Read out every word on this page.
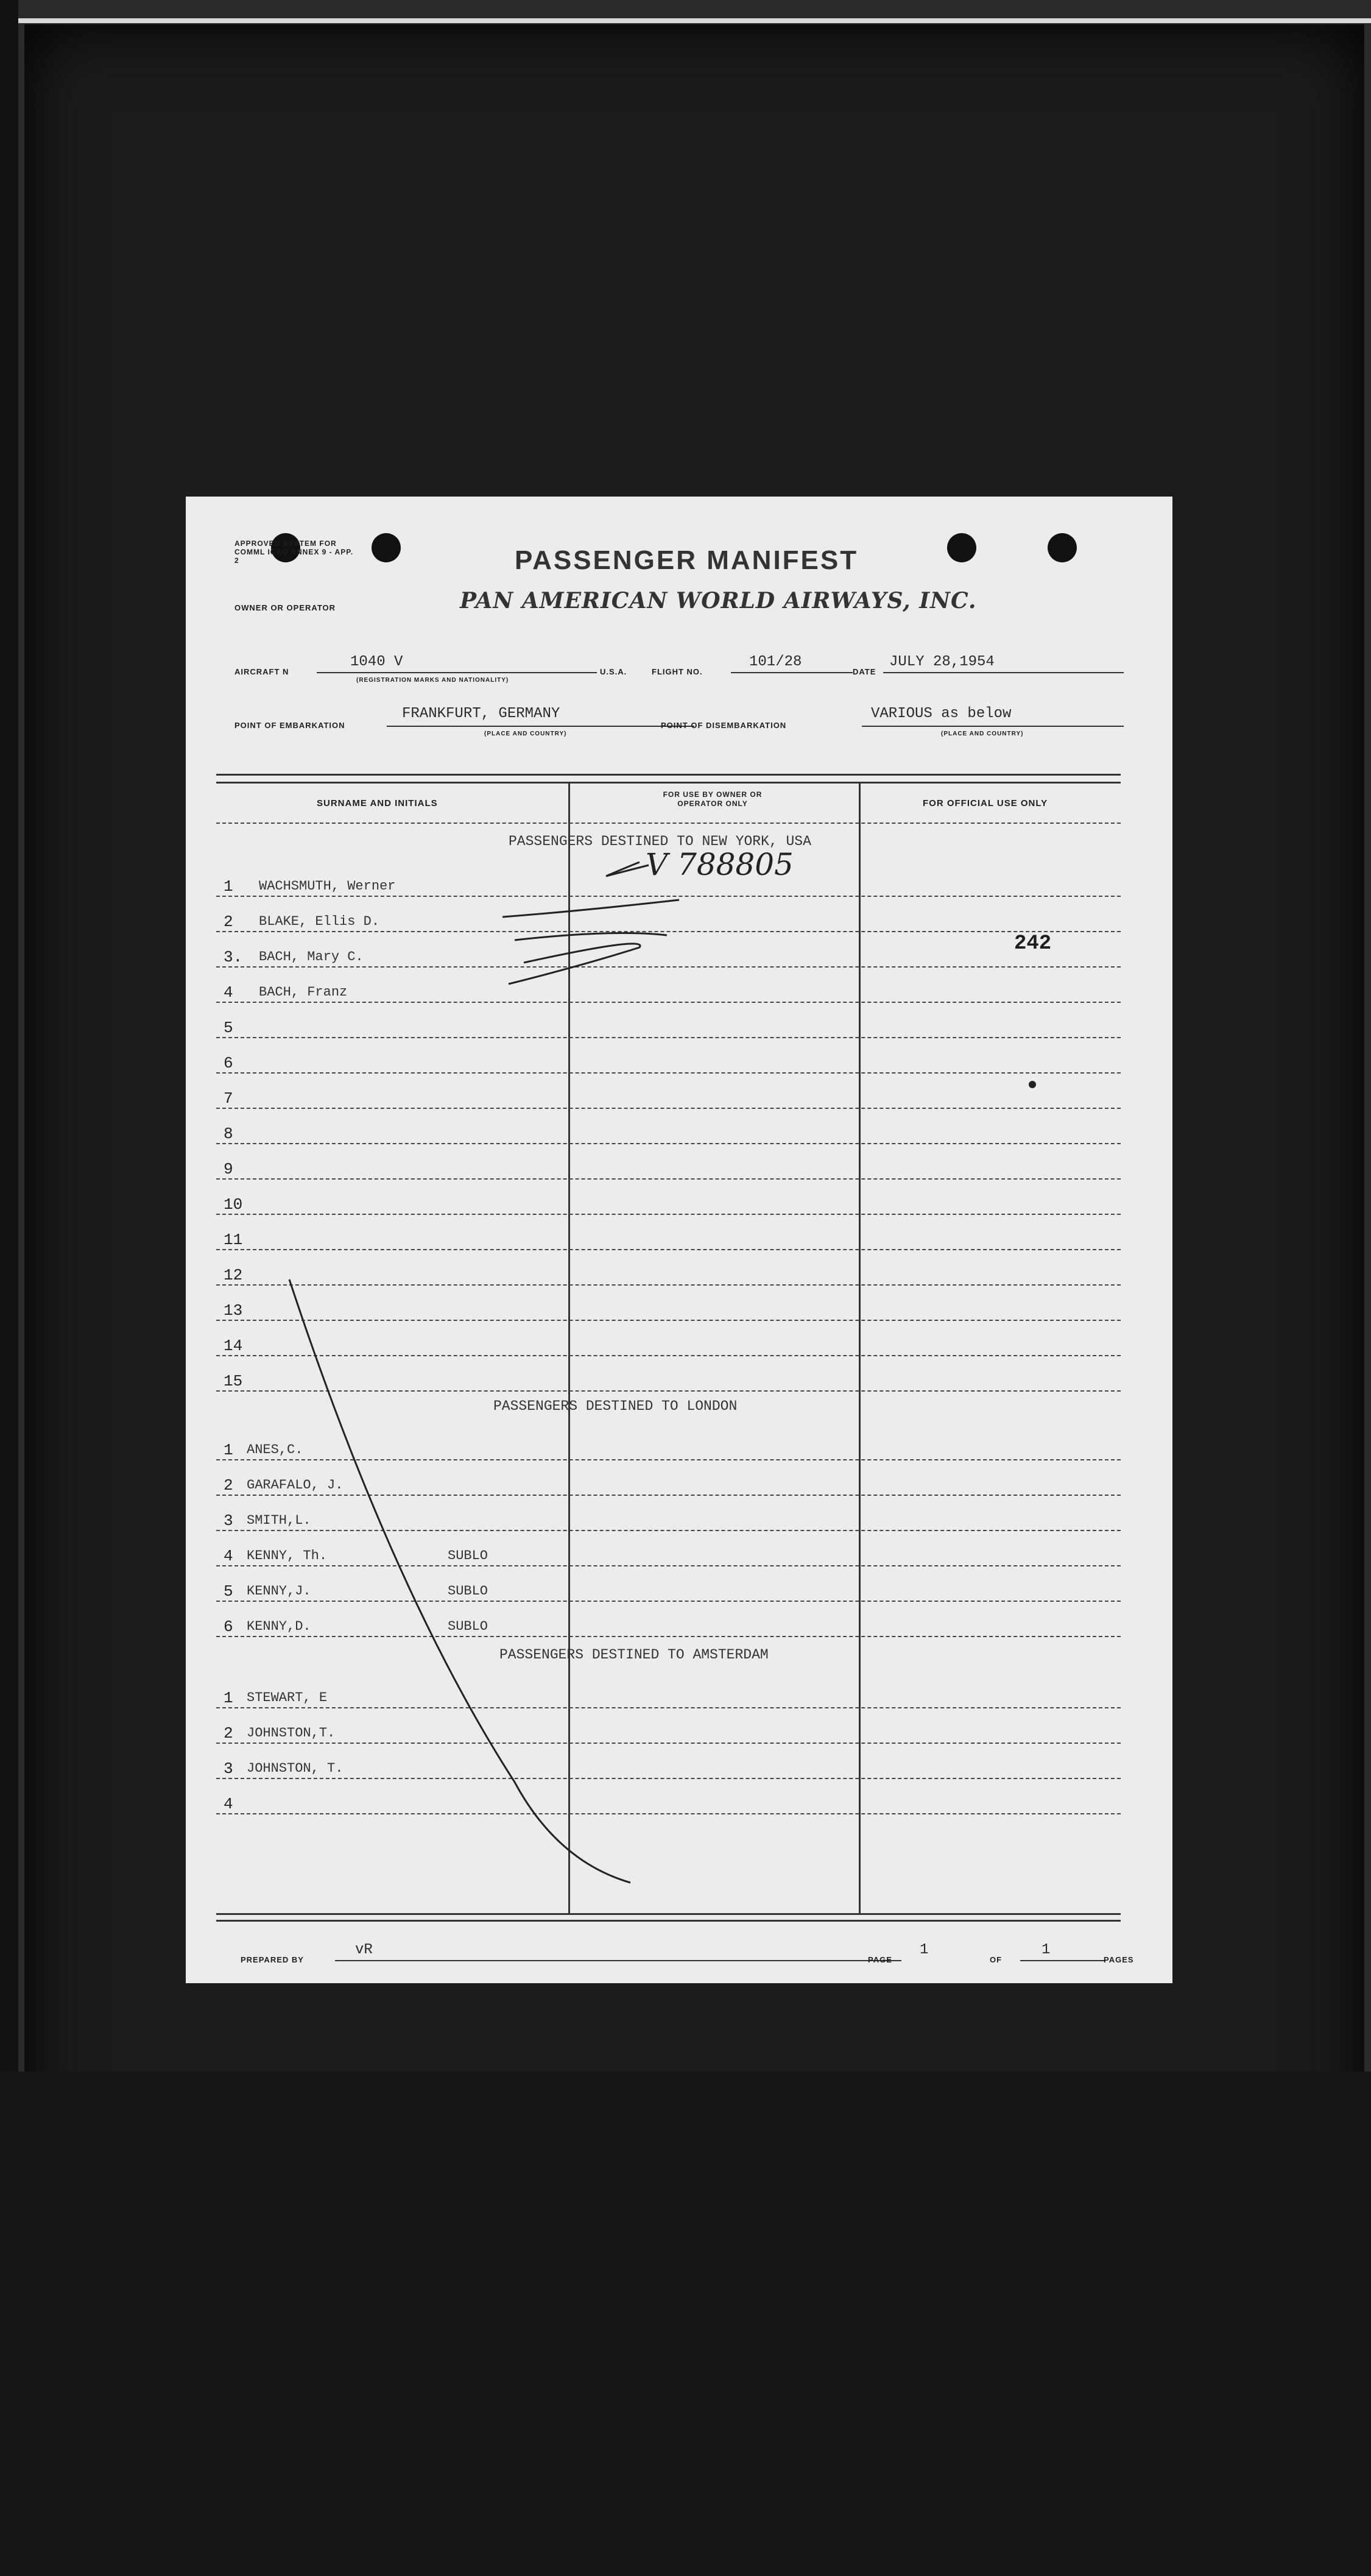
APPROVED SYSTEM FOR COMML ICAO ANNEX 9 - APP. 2	PASSENGER MANIFEST
OWNER OR OPERATOR	PAN AMERICAN WORLD AIRWAYS, INC.
AIRCRAFT N
1040 V
(REGISTRATION MARKS AND NATIONALITY)
U.S.A.	FLIGHT NO.
101/28
DATE
JULY 28,1954
POINT OF EMBARKATION
FRANKFURT, GERMANY
(PLACE AND COUNTRY)
POINT OF DISEMBARKATION
VARIOUS as below
(PLACE AND COUNTRY)
SURNAME AND INITIALS
FOR USE BY OWNER OR OPERATOR ONLY	FOR OFFICIAL USE ONLY
PASSENGERS DESTINED TO NEW YORK, USA
1 WACHSMUTH, Werner
2 BLAKE, Ellis D.
3. BACH, Mary C.
4 BACH, Franz
5
6
7
8
9
10
11
12
13
14
15
PASSENGERS DESTINED TO LONDON
1 ANES,C.
2 GARAFALO, J.
3 SMITH,L.
4 KENNY, Th.	SUBLO
5 KENNY,J.	SUBLO
6 KENNY,D.	SUBLO
PASSENGERS DESTINED TO AMSTERDAM
1 STEWART, E
2 JOHNSTON,T.
3 JOHNSTON, T.
4
V 788805
242
PREPARED BY
vR
PAGE
1
OF
1
PAGES
